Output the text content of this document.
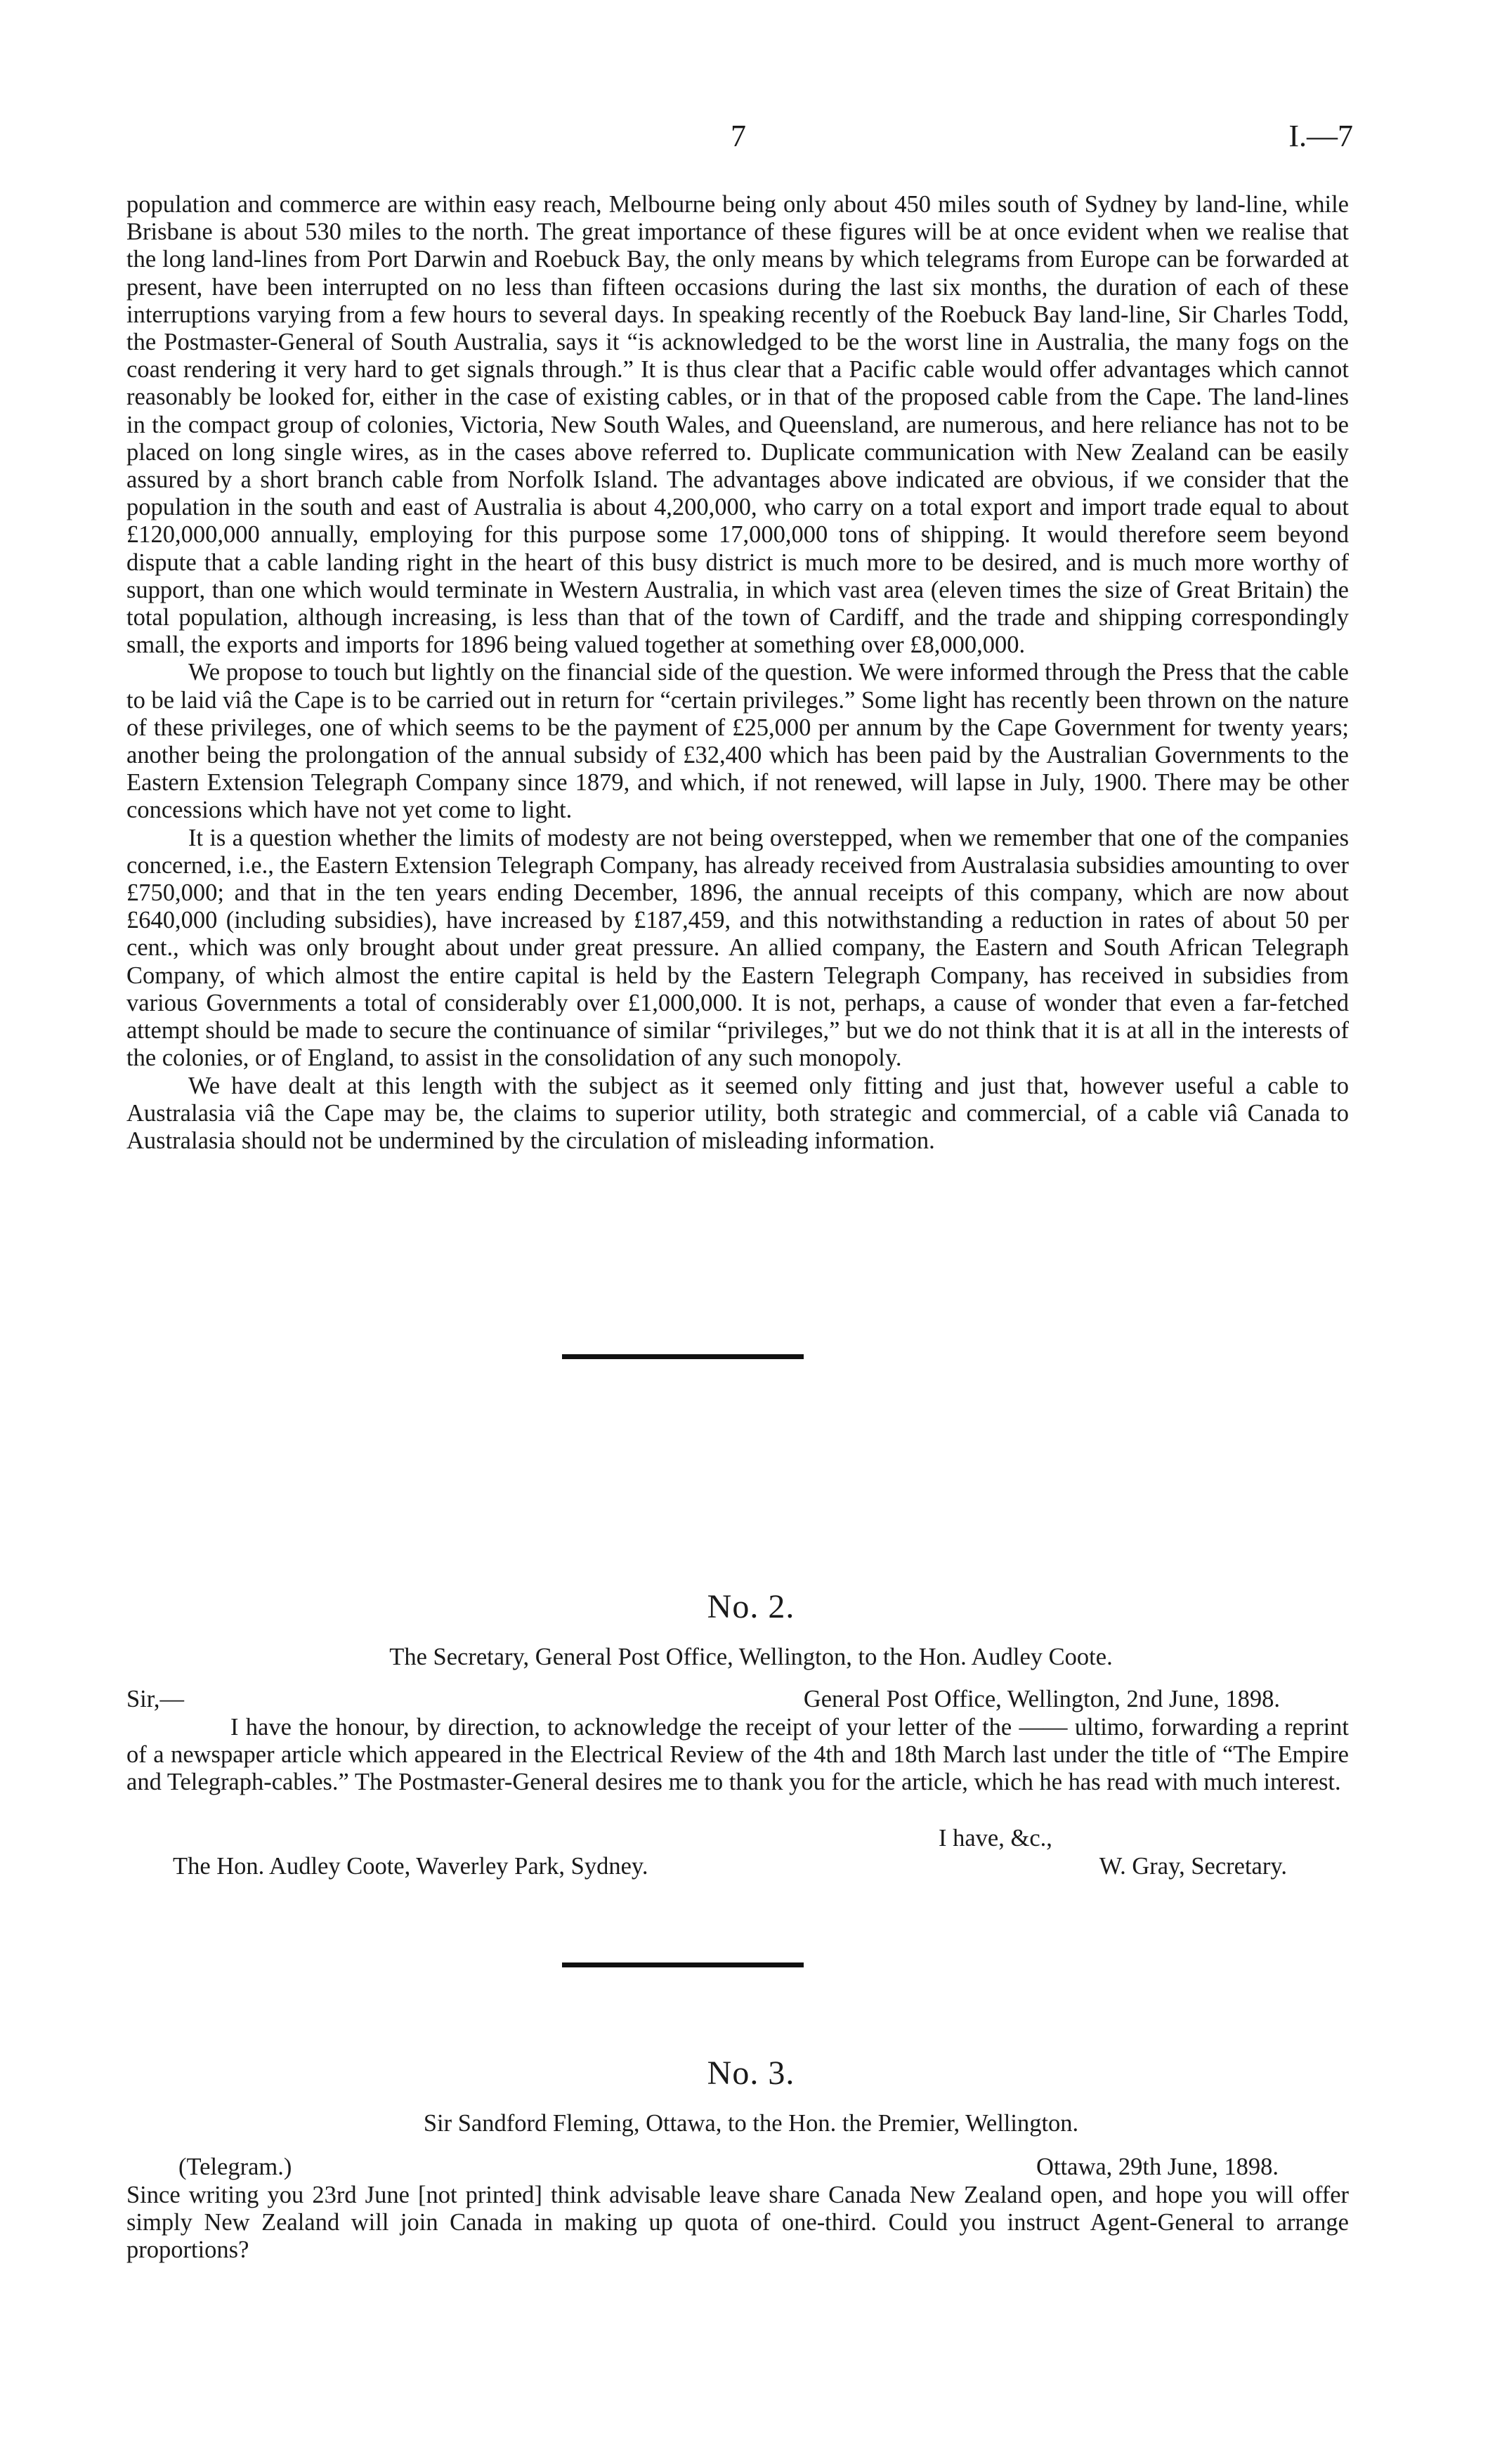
7	I.—7

population and commerce are within easy reach, Melbourne being only about 450 miles south of Sydney by land-line, while Brisbane is about 530 miles to the north. The great importance of these figures will be at once evident when we realise that the long land-lines from Port Darwin and Roebuck Bay, the only means by which telegrams from Europe can be forwarded at present, have been interrupted on no less than fifteen occasions during the last six months, the duration of each of these interruptions varying from a few hours to several days. In speaking recently of the Roebuck Bay land-line, Sir Charles Todd, the Postmaster-General of South Australia, says it “is acknowledged to be the worst line in Australia, the many fogs on the coast rendering it very hard to get signals through.” It is thus clear that a Pacific cable would offer advantages which cannot reasonably be looked for, either in the case of existing cables, or in that of the proposed cable from the Cape. The land-lines in the compact group of colonies, Victoria, New South Wales, and Queensland, are numerous, and here reliance has not to be placed on long single wires, as in the cases above referred to. Duplicate communication with New Zealand can be easily assured by a short branch cable from Norfolk Island. The advantages above indicated are obvious, if we consider that the population in the south and east of Australia is about 4,200,000, who carry on a total export and import trade equal to about £120,000,000 annually, employing for this purpose some 17,000,000 tons of shipping. It would therefore seem beyond dispute that a cable landing right in the heart of this busy district is much more to be desired, and is much more worthy of support, than one which would terminate in Western Australia, in which vast area (eleven times the size of Great Britain) the total population, although increasing, is less than that of the town of Cardiff, and the trade and shipping correspondingly small, the exports and imports for 1896 being valued together at something over £8,000,000.

We propose to touch but lightly on the financial side of the question. We were informed through the Press that the cable to be laid viâ the Cape is to be carried out in return for “certain privileges.” Some light has recently been thrown on the nature of these privileges, one of which seems to be the payment of £25,000 per annum by the Cape Government for twenty years; another being the prolongation of the annual subsidy of £32,400 which has been paid by the Australian Governments to the Eastern Extension Telegraph Company since 1879, and which, if not renewed, will lapse in July, 1900. There may be other concessions which have not yet come to light.

It is a question whether the limits of modesty are not being overstepped, when we remember that one of the companies concerned, i.e., the Eastern Extension Telegraph Company, has already received from Australasia subsidies amounting to over £750,000; and that in the ten years ending December, 1896, the annual receipts of this company, which are now about £640,000 (including subsidies), have increased by £187,459, and this notwithstanding a reduction in rates of about 50 per cent., which was only brought about under great pressure. An allied company, the Eastern and South African Telegraph Company, of which almost the entire capital is held by the Eastern Telegraph Company, has received in subsidies from various Governments a total of considerably over £1,000,000. It is not, perhaps, a cause of wonder that even a far-fetched attempt should be made to secure the continuance of similar “privileges,” but we do not think that it is at all in the interests of the colonies, or of England, to assist in the consolidation of any such monopoly.

We have dealt at this length with the subject as it seemed only fitting and just that, however useful a cable to Australasia viâ the Cape may be, the claims to superior utility, both strategic and commercial, of a cable viâ Canada to Australasia should not be undermined by the circulation of misleading information.

No. 2.
The Secretary, General Post Office, Wellington, to the Hon. Audley Coote.
Sir,—	General Post Office, Wellington, 2nd June, 1898.
I have the honour, by direction, to acknowledge the receipt of your letter of the —— ultimo, forwarding a reprint of a newspaper article which appeared in the Electrical Review of the 4th and 18th March last under the title of “The Empire and Telegraph-cables.” The Postmaster-General desires me to thank you for the article, which he has read with much interest.
I have, &c.,
The Hon. Audley Coote, Waverley Park, Sydney.	W. Gray, Secretary.
No. 3.
Sir Sandford Fleming, Ottawa, to the Hon. the Premier, Wellington.
(Telegram.)	Ottawa, 29th June, 1898.
Since writing you 23rd June [not printed] think advisable leave share Canada New Zealand open, and hope you will offer simply New Zealand will join Canada in making up quota of one-third. Could you instruct Agent-General to arrange proportions?
